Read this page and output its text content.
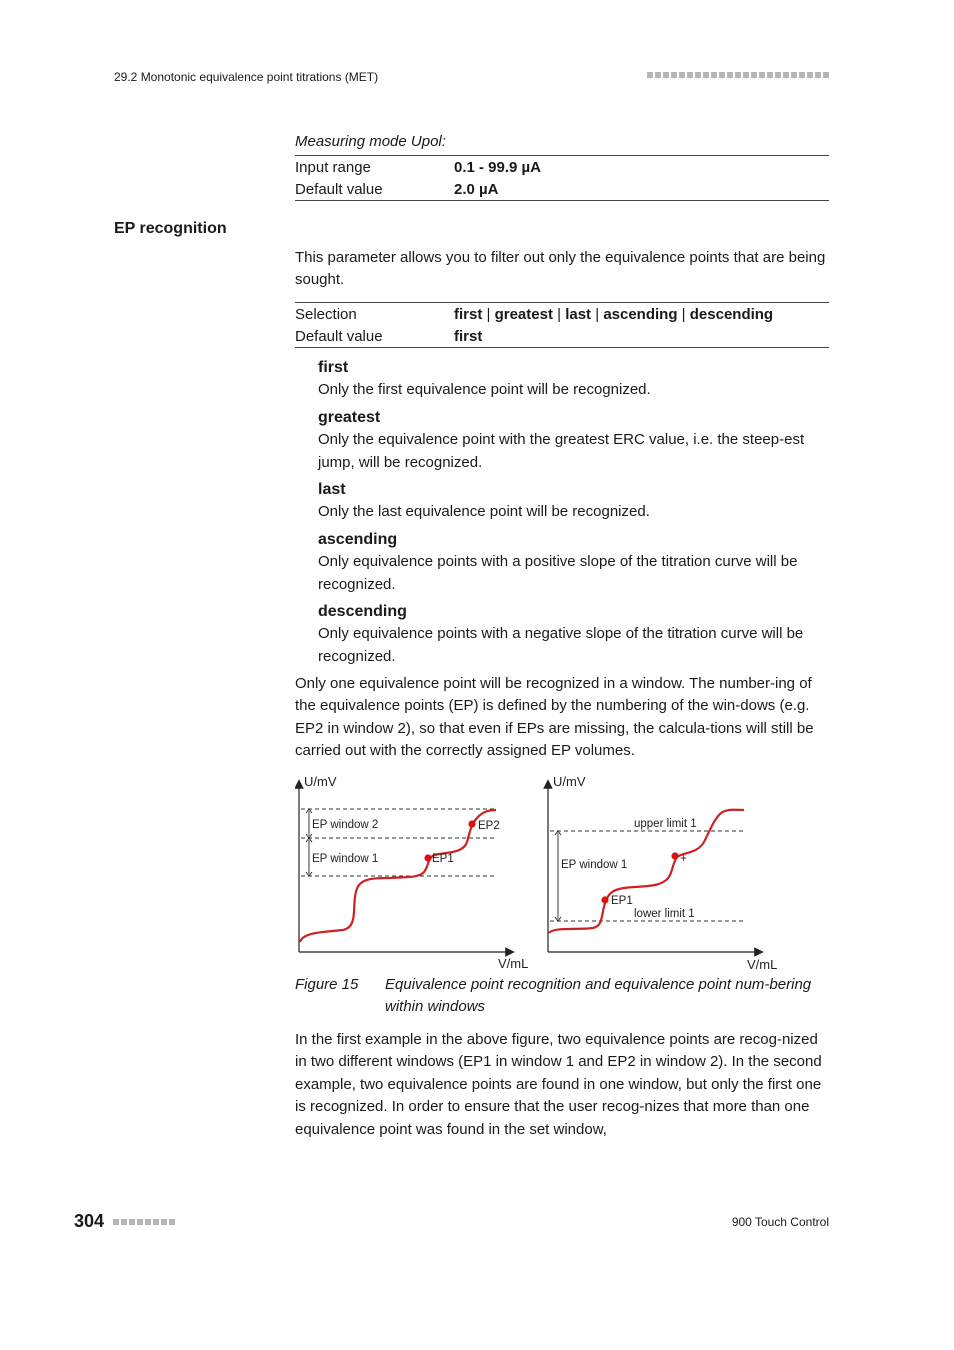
29.2 Monotonic equivalence point titrations (MET)
Measuring mode Upol:
Input range	0.1 - 99.9 µA
Default value	2.0 µA
EP recognition
This parameter allows you to filter out only the equivalence points that are being sought.
Selection	first | greatest | last | ascending | descending
Default value	first
first
Only the first equivalence point will be recognized.
greatest
Only the equivalence point with the greatest ERC value, i.e. the steep-est jump, will be recognized.
last
Only the last equivalence point will be recognized.
ascending
Only equivalence points with a positive slope of the titration curve will be recognized.
descending
Only equivalence points with a negative slope of the titration curve will be recognized.
Only one equivalence point will be recognized in a window. The number-ing of the equivalence points (EP) is defined by the numbering of the win-dows (e.g. EP2 in window 2), so that even if EPs are missing, the calcula-tions will still be carried out with the correctly assigned EP volumes.
U/mV
V/mL
EP window 2
EP window 1	EP1
EP2
U/mV
V/mL
upper limit 1
lower limit 1
EP window 1
EP1
+
Figure 15 Equivalence point recognition and equivalence point num-bering within windows
In the first example in the above figure, two equivalence points are recog-nized in two different windows (EP1 in window 1 and EP2 in window 2). In the second example, two equivalence points are found in one window, but only the first one is recognized. In order to ensure that the user recog-nizes that more than one equivalence point was found in the set window,
304	900 Touch Control
